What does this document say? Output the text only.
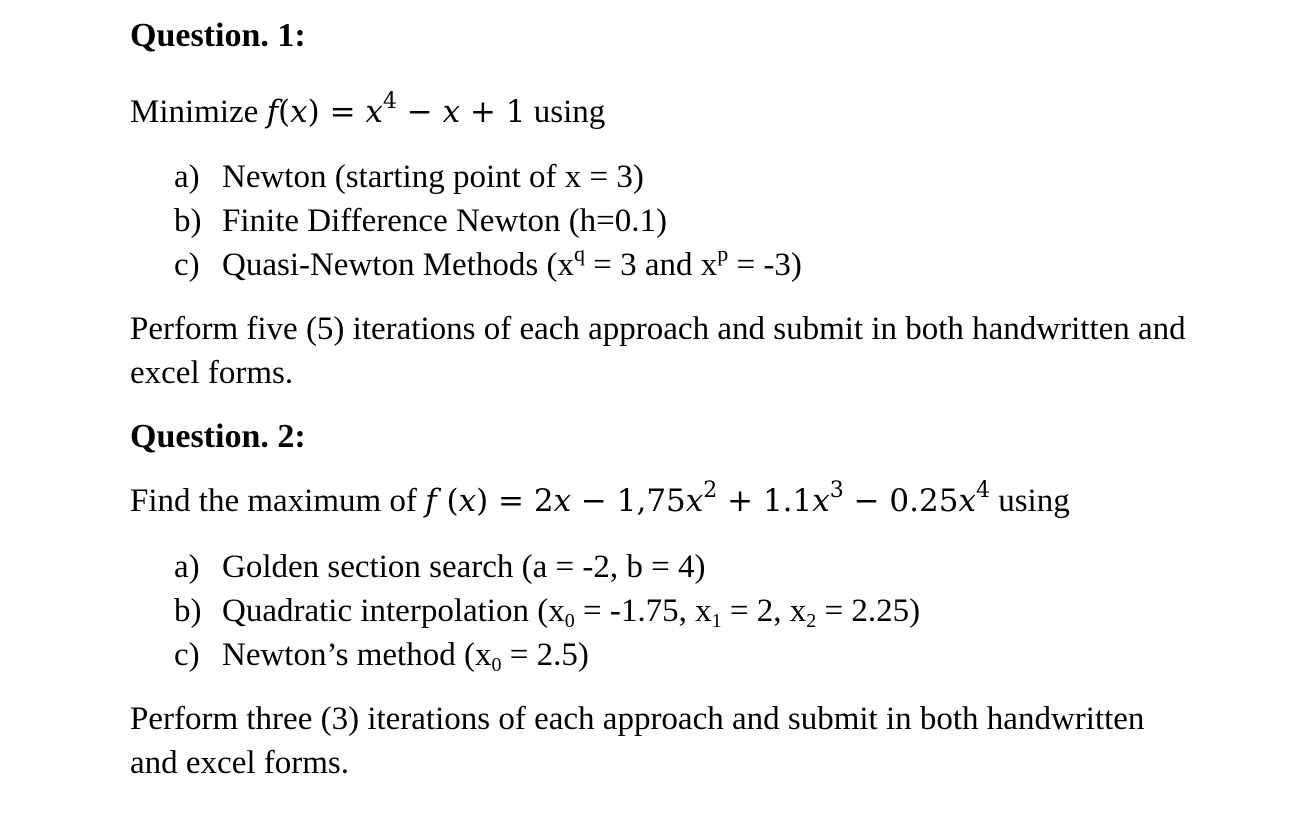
Question. 1:
Minimize $f(x) = x^4 - x + 1$ using
a) Newton (starting point of x = 3)
b) Finite Difference Newton (h=0.1)
c) Quasi-Newton Methods ($x^q = 3$ and $x^p = -3$)
Perform five (5) iterations of each approach and submit in both handwritten and
excel forms.
Question. 2:
Find the maximum of f $(x) = 2x - 1,75x^2 + 1.1x^3 - 0.25x^4$ using
a) Golden section search (a = -2, b = 4)
b) Quadratic interpolation ($x_0 = -1.75$, $x_1 = 2$, $x_2 = 2.25$)
c) Newton’s method $(x_0 = 2.5)$
Perform three (3) iterations of each approach and submit in both handwritten
and excel forms.
